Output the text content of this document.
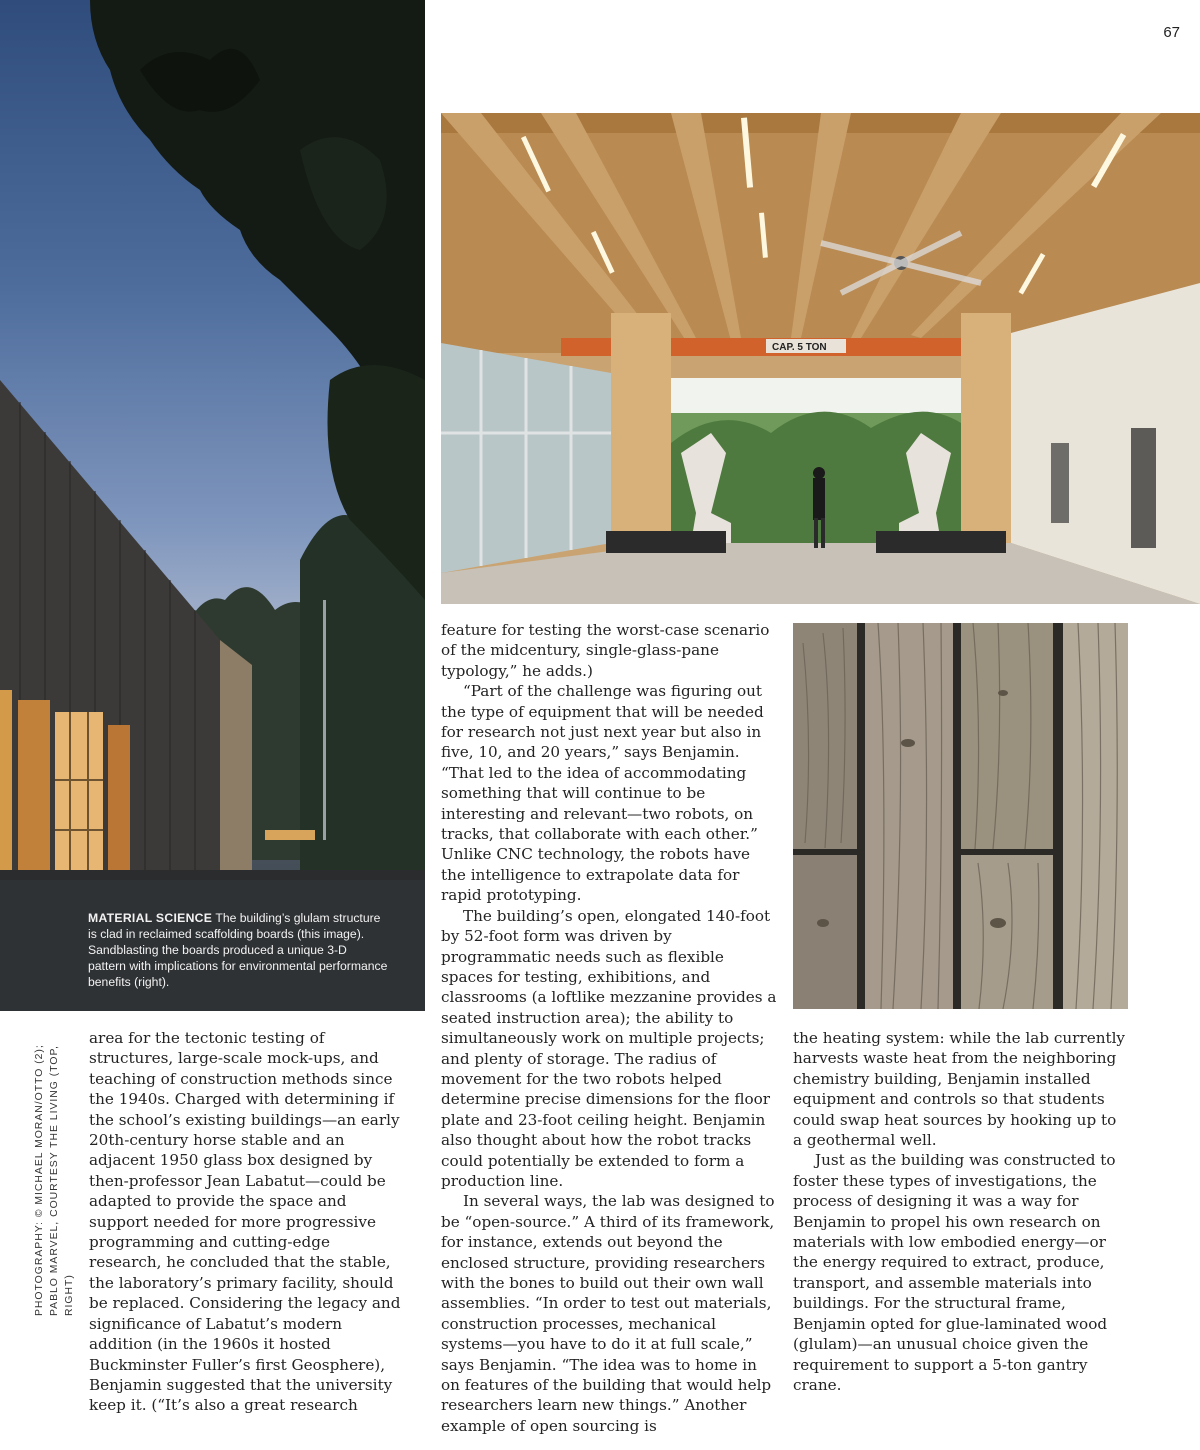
67
MATERIAL SCIENCE The building’s glulam structure is clad in reclaimed scaffolding boards (this image). Sandblasting the boards produced a unique 3-D pattern with implications for environmental performance benefits (right).
CAP. 5 TON
PHOTOGRAPHY: © MICHAEL MORAN/OTTO (2); PABLO MARVEL, COURTESY THE LIVING (TOP, RIGHT)

area for the tectonic testing of structures, large-scale mock-ups, and teaching of construction methods since the 1940s. Charged with determining if the school’s existing buildings—an early 20th-century horse stable and an adjacent 1950 glass box designed by then-professor Jean Labatut—could be adapted to provide the space and support needed for more progressive programming and cutting-edge research, he concluded that the stable, the laboratory’s primary facility, should be replaced. Considering the legacy and significance of Labatut’s modern addition (in the 1960s it hosted Buckminster Fuller’s first Geosphere), Benjamin suggested that the university keep it. (“It’s also a great research

feature for testing the worst-case scenario of the midcentury, single-glass-pane typology,” he adds.)

“Part of the challenge was figuring out the type of equipment that will be needed for research not just next year but also in five, 10, and 20 years,” says Benjamin. “That led to the idea of accommodating something that will continue to be interesting and relevant—two robots, on tracks, that collaborate with each other.” Unlike CNC technology, the robots have the intelligence to extrapolate data for rapid prototyping.

The building’s open, elongated 140-foot by 52-foot form was driven by programmatic needs such as flexible spaces for testing, exhibitions, and classrooms (a loftlike mezzanine provides a seated instruction area); the ability to simultaneously work on multiple projects; and plenty of storage. The radius of movement for the two robots helped determine precise dimensions for the floor plate and 23-foot ceiling height. Benjamin also thought about how the robot tracks could potentially be extended to form a production line.

In several ways, the lab was designed to be “open-source.” A third of its framework, for instance, extends out beyond the enclosed structure, providing researchers with the bones to build out their own wall assemblies. “In order to test out materials, construction processes, mechanical systems—you have to do it at full scale,” says Benjamin. “The idea was to home in on features of the building that would help researchers learn new things.” Another example of open sourcing is

the heating system: while the lab currently harvests waste heat from the neighboring chemistry building, Benjamin installed equipment and controls so that students could swap heat sources by hooking up to a geothermal well.

Just as the building was constructed to foster these types of investigations, the process of designing it was a way for Benjamin to propel his own research on materials with low embodied energy—or the energy required to extract, produce, transport, and assemble materials into buildings. For the structural frame, Benjamin opted for glue-laminated wood (glulam)—an unusual choice given the requirement to support a 5-ton gantry crane.
